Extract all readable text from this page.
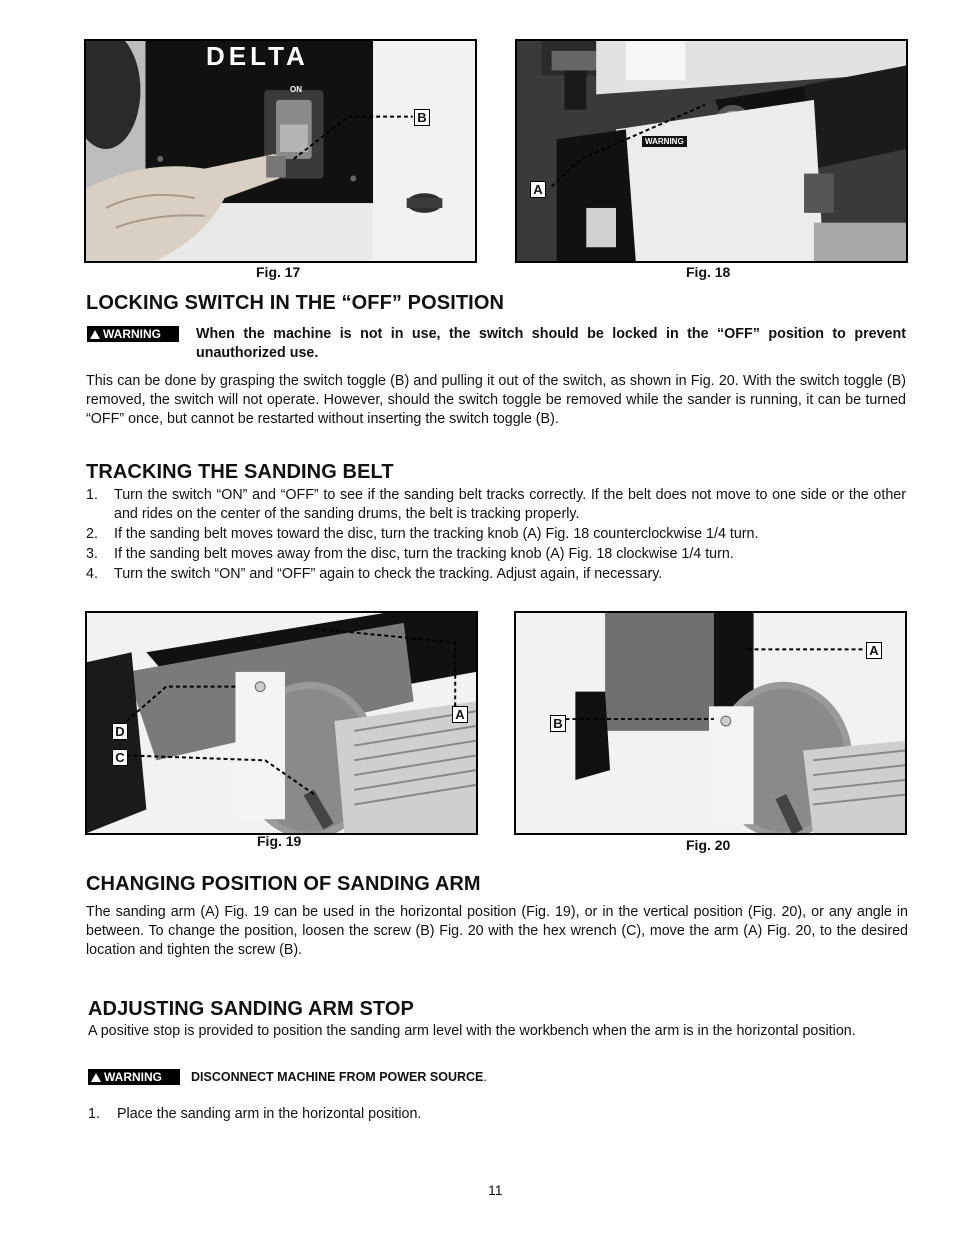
DELTA
ON
B
Fig. 17
DELTA
WARNING
A
Fig. 18
LOCKING SWITCH IN THE “OFF” POSITION
WARNING	When the machine is not in use, the switch should be locked in the “OFF” position to prevent unauthorized use.

This can be done by grasping the switch toggle (B) and pulling it out of the switch, as shown in Fig. 20. With the switch toggle (B) removed, the switch will not operate. However, should the switch toggle be removed while the sander is running, it can be turned “OFF” once, but cannot be restarted without inserting the switch toggle (B).

TRACKING THE SANDING BELT
1. Turn the switch “ON” and “OFF” to see if the sanding belt tracks correctly. If the belt does not move to one side or the other and rides on the center of the sanding drums, the belt is tracking properly.
2. If the sanding belt moves toward the disc, turn the tracking knob (A) Fig. 18 counterclockwise 1/4 turn.
3. If the sanding belt moves away from the disc, turn the tracking knob (A) Fig. 18 clockwise 1/4 turn.
4. Turn the switch “ON” and “OFF” again to check the tracking. Adjust again, if necessary.
A
D
C
Fig. 19
A
B
Fig. 20
CHANGING POSITION OF SANDING ARM

The sanding arm (A) Fig. 19 can be used in the horizontal position (Fig. 19), or in the vertical position (Fig. 20), or any angle in between. To change the position, loosen the screw (B) Fig. 20 with the hex wrench (C), move the arm (A) Fig. 20, to the desired location and tighten the screw (B).

ADJUSTING SANDING ARM STOP

A positive stop is provided to position the sanding arm level with the workbench when the arm is in the horizontal position.

WARNING	DISCONNECT MACHINE FROM POWER SOURCE.

1. Place the sanding arm in the horizontal position.
11
